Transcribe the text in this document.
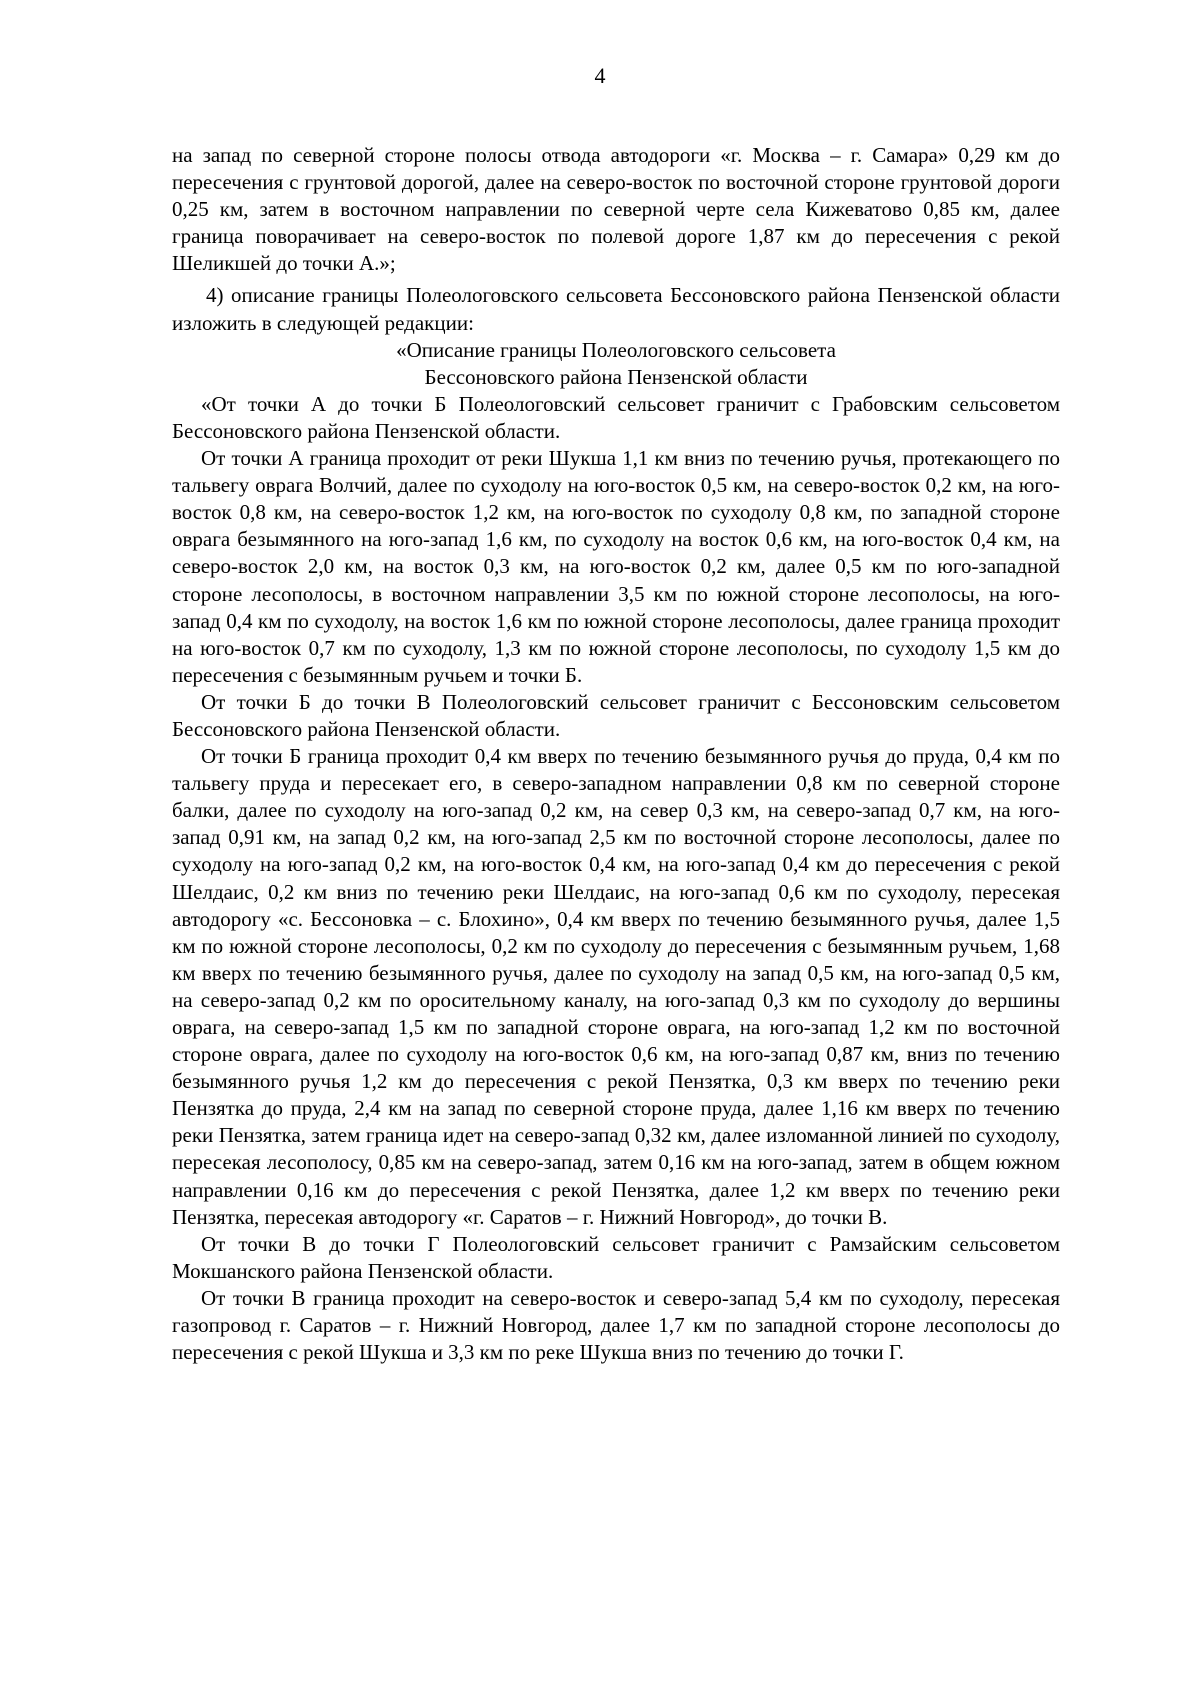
4

на запад по северной стороне полосы отвода автодороги «г. Москва – г. Самара» 0,29 км до пересечения с грунтовой дорогой, далее на северо-восток по восточной стороне грунтовой дороги 0,25 км, затем в восточном направлении по северной черте села Кижеватово 0,85 км, далее граница поворачивает на северо-восток по полевой дороге 1,87 км до пересечения с рекой Шеликшей до точки А.»;

4) описание границы Полеологовского сельсовета Бессоновского района Пензенской области изложить в следующей редакции:

«Описание границы Полеологовского сельсовета

Бессоновского района Пензенской области

«От точки А до точки Б Полеологовский сельсовет граничит с Грабовским сельсоветом Бессоновского района Пензенской области.

От точки А граница проходит от реки Шукша 1,1 км вниз по течению ручья, протекающего по тальвегу оврага Волчий, далее по суходолу на юго-восток 0,5 км, на северо-восток 0,2 км, на юго-восток 0,8 км, на северо-восток 1,2 км, на юго-восток по суходолу 0,8 км, по западной стороне оврага безымянного на юго-запад 1,6 км, по суходолу на восток 0,6 км, на юго-восток 0,4 км, на северо-восток 2,0 км, на восток 0,3 км, на юго-восток 0,2 км, далее 0,5 км по юго-западной стороне лесополосы, в восточном направлении 3,5 км по южной стороне лесополосы, на юго-запад 0,4 км по суходолу, на восток 1,6 км по южной стороне лесополосы, далее граница проходит на юго-восток 0,7 км по суходолу, 1,3 км по южной стороне лесополосы, по суходолу 1,5 км до пересечения с безымянным ручьем и точки Б.

От точки Б до точки В Полеологовский сельсовет граничит с Бессоновским сельсоветом Бессоновского района Пензенской области.

От точки Б граница проходит 0,4 км вверх по течению безымянного ручья до пруда, 0,4 км по тальвегу пруда и пересекает его, в северо-западном направлении 0,8 км по северной стороне балки, далее по суходолу на юго-запад 0,2 км, на север 0,3 км, на северо-запад 0,7 км, на юго-запад 0,91 км, на запад 0,2 км, на юго-запад 2,5 км по восточной стороне лесополосы, далее по суходолу на юго-запад 0,2 км, на юго-восток 0,4 км, на юго-запад 0,4 км до пересечения с рекой Шелдаис, 0,2 км вниз по течению реки Шелдаис, на юго-запад 0,6 км по суходолу, пересекая автодорогу «с. Бессоновка – с. Блохино», 0,4 км вверх по течению безымянного ручья, далее 1,5 км по южной стороне лесополосы, 0,2 км по суходолу до пересечения с безымянным ручьем, 1,68 км вверх по течению безымянного ручья, далее по суходолу на запад 0,5 км, на юго-запад 0,5 км, на северо-запад 0,2 км по оросительному каналу, на юго-запад 0,3 км по суходолу до вершины оврага, на северо-запад 1,5 км по западной стороне оврага, на юго-запад 1,2 км по восточной стороне оврага, далее по суходолу на юго-восток 0,6 км, на юго-запад 0,87 км, вниз по течению безымянного ручья 1,2 км до пересечения с рекой Пензятка, 0,3 км вверх по течению реки Пензятка до пруда, 2,4 км на запад по северной стороне пруда, далее 1,16 км вверх по течению реки Пензятка, затем граница идет на северо-запад 0,32 км, далее изломанной линией по суходолу, пересекая лесополосу, 0,85 км на северо-запад, затем 0,16 км на юго-запад, затем в общем южном направлении 0,16 км до пересечения с рекой Пензятка, далее 1,2 км вверх по течению реки Пензятка, пересекая автодорогу «г. Саратов – г. Нижний Новгород», до точки В.

От точки В до точки Г Полеологовский сельсовет граничит с Рамзайским сельсоветом Мокшанского района Пензенской области.

От точки В граница проходит на северо-восток и северо-запад 5,4 км по суходолу, пересекая газопровод г. Саратов – г. Нижний Новгород, далее 1,7 км по западной стороне лесополосы до пересечения с рекой Шукша и 3,3 км по реке Шукша вниз по течению до точки Г.
